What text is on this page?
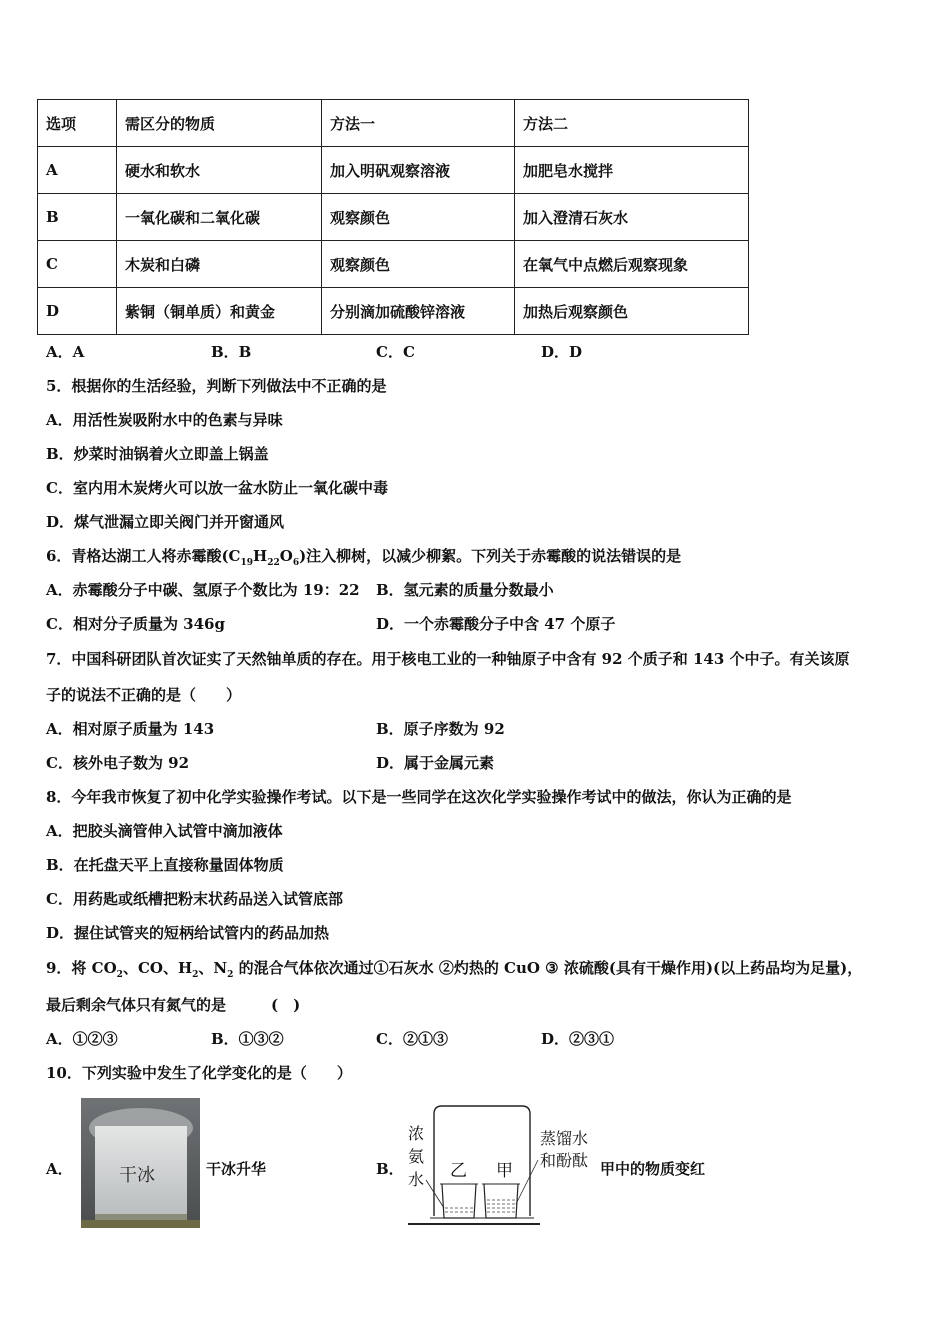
选项	需区分的物质	方法一	方法二
A	硬水和软水	加入明矾观察溶液	加肥皂水搅拌
B	一氧化碳和二氧化碳	观察颜色	加入澄清石灰水
C	木炭和白磷	观察颜色	在氧气中点燃后观察现象
D	紫铜（铜单质）和黄金	分别滴加硫酸锌溶液	加热后观察颜色
A．A	B．B	C．C	D．D
5．根据你的生活经验，判断下列做法中不正确的是
A．用活性炭吸附水中的色素与异味
B．炒菜时油锅着火立即盖上锅盖
C．室内用木炭烤火可以放一盆水防止一氧化碳中毒
D．煤气泄漏立即关阀门并开窗通风
6．青格达湖工人将赤霉酸$(C_{19}H_{22}O_6)$注入柳树，以减少柳絮。下列关于赤霉酸的说法错误的是
A．赤霉酸分子中碳、氢原子个数比为 19：22 B．氢元素的质量分数最小
C．相对分子质量为 346g	D．一个赤霉酸分子中含 47 个原子
7．中国科研团队首次证实了天然铀单质的存在。用于核电工业的一种铀原子中含有 92 个质子和 143 个中子。有关该原
子的说法不正确的是（　　）
A．相对原子质量为 143	B．原子序数为 92
C．核外电子数为 92	D．属于金属元素
8．今年我市恢复了初中化学实验操作考试。以下是一些同学在这次化学实验操作考试中的做法，你认为正确的是
A．把胶头滴管伸入试管中滴加液体
B．在托盘天平上直接称量固体物质
C．用药匙或纸槽把粉末状药品送入试管底部
D．握住试管夹的短柄给试管内的药品加热
9．将 $CO_2$、CO、$H_2$、$N_2$ 的混合气体依次通过①石灰水 ②灼热的 CuO ③ 浓硫酸(具有干燥作用)(以上药品均为足量)，
最后剩余气体只有氮气的是　　　(　)
A．①②③	B．①③②	C．②①③	D．②③①
10．下列实验中发生了化学变化的是（　　）
A．	干冰	干冰升华	B．
浓
氨
水 乙 甲
蒸馏水
和酚酞 甲中的物质变红
